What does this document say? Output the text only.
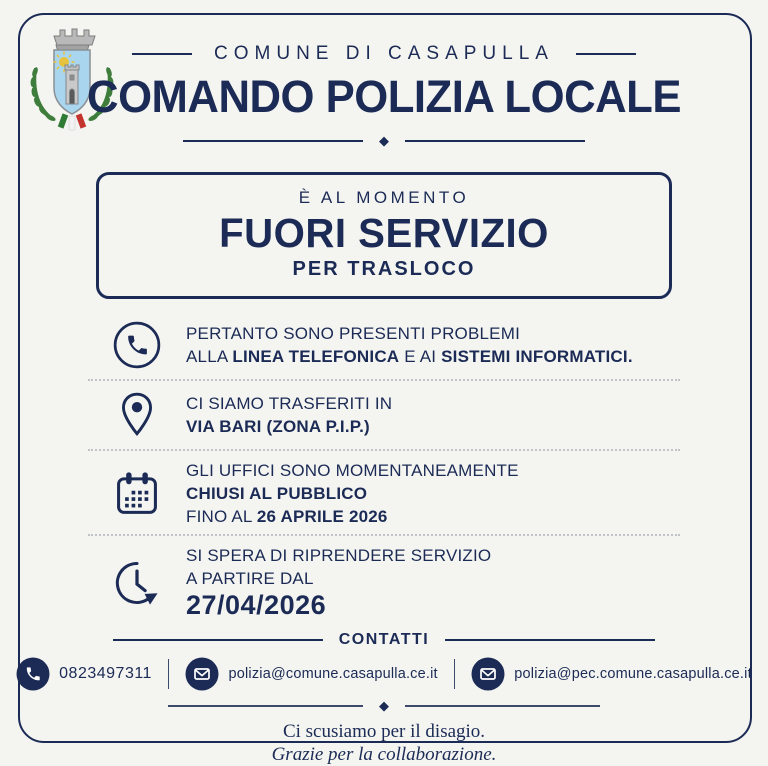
COMUNE DI CASAPULLA
COMANDO POLIZIA LOCALE
◆
È AL MOMENTO
FUORI SERVIZIO
PER TRASLOCO
PERTANTO SONO PRESENTI PROBLEMI
ALLA LINEA TELEFONICA E AI SISTEMI INFORMATICI.
CI SIAMO TRASFERITI IN
VIA BARI (ZONA P.I.P.)
GLI UFFICI SONO MOMENTANEAMENTE
CHIUSI AL PUBBLICO
FINO AL 26 APRILE 2026
SI SPERA DI RIPRENDERE SERVIZIO
A PARTIRE DAL
27/04/2026
CONTATTI
0823497311	polizia@comune.casapulla.ce.it	polizia@pec.comune.casapulla.ce.it
◆
Ci scusiamo per il disagio.
Grazie per la collaborazione.
